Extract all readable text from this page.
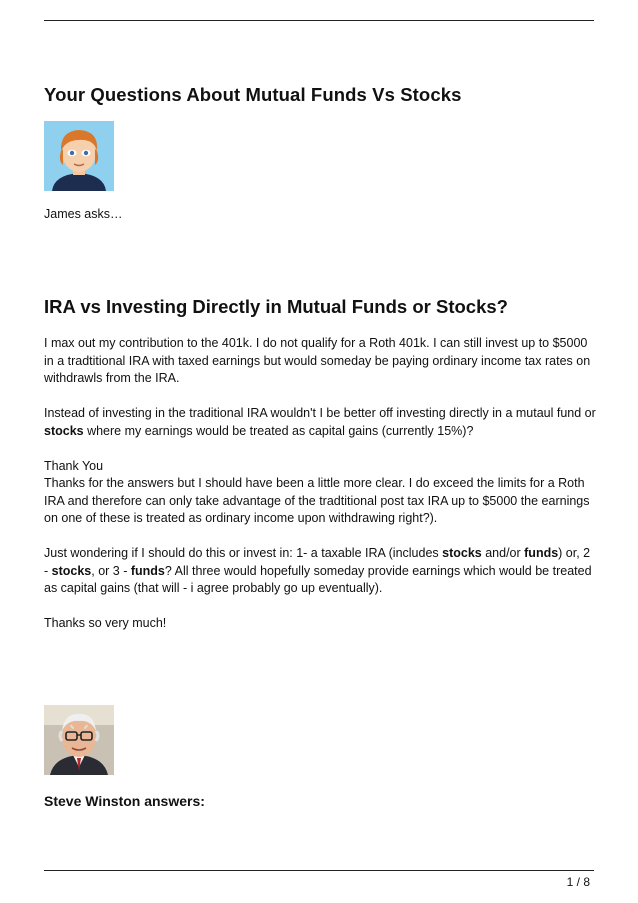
Your Questions About Mutual Funds Vs Stocks

James asks…

IRA vs Investing Directly in Mutual Funds or Stocks?

I max out my contribution to the 401k. I do not qualify for a Roth 401k. I can still invest up to $5000 in a tradtitional IRA with taxed earnings but would someday be paying ordinary income tax rates on withdrawls from the IRA.

Instead of investing in the traditional IRA wouldn't I be better off investing directly in a mutaul fund or stocks where my earnings would be treated as capital gains (currently 15%)?

Thank You
Thanks for the answers but I should have been a little more clear. I do exceed the limits for a Roth IRA and therefore can only take advantage of the tradtitional post tax IRA up to $5000 the earnings on one of these is treated as ordinary income upon withdrawing right?).

Just wondering if I should do this or invest in: 1- a taxable IRA (includes stocks and/or funds) or, 2 - stocks, or 3 - funds? All three would hopefully someday provide earnings which would be treated as capital gains (that will - i agree probably go up eventually).

Thanks so very much!

Steve Winston answers:

1 / 8
